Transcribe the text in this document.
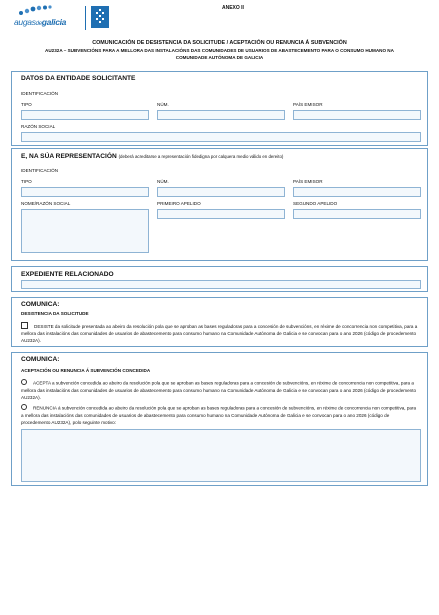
augasdegalicia
ANEXO II
COMUNICACIÓN DE DESISTENCIA DA SOLICITUDE / ACEPTACIÓN OU RENUNCIA Á SUBVENCIÓN
AU232A – SUBVENCIÓNS PARA A MELLORA DAS INSTALACIÓNS DAS COMUNIDADES DE USUARIOS DE ABASTECEMENTO PARA O CONSUMO HUMANO NA
COMUNIDADE AUTÓNOMA DE GALICIA
DATOS DA ENTIDADE SOLICITANTE
IDENTIFICACIÓN
TIPO	NÚM.	PAÍS EMISOR
RAZÓN SOCIAL
E, NA SÚA REPRESENTACIÓN (deberá acreditarse a representación fidedigna por calquera medio válido en dereito)
IDENTIFICACIÓN
TIPO	NÚM.	PAÍS EMISOR
NOME/RAZÓN SOCIAL	PRIMEIRO APELIDO	SEGUNDO APELIDO
EXPEDIENTE RELACIONADO
COMUNICA:
DESISTENCIA DA SOLICITUDE
DESISTE da solicitude presentada ao abeiro da resolución pola que se aproban as bases reguladoras para a concesión de subvencións, en réxime de concorrencia non competitiva, para a mellora das instalacións das comunidades de usuarios de abastecemento para consumo humano na Comunidade Autónoma de Galicia e se convocan para o ano 2026 (código de procedemento AU232A).
COMUNICA:
ACEPTACIÓN OU RENUNCIA Á SUBVENCIÓN CONCEDIDA
ACEPTA a subvención concedida ao abeiro da resolución pola que se aproban as bases reguladoras para a concesión de subvencións, en réxime de concorrencia non competitiva, para a mellora das instalacións das comunidades de usuarios de abastecemento para consumo humano na Comunidade Autónoma de Galicia e se convocan para o ano 2026 (código de procedemento AU232A).
RENUNCIA á subvención concedida ao abeiro da resolución pola que se aproban as bases reguladoras para a concesión de subvencións, en réxime de concorrencia non competitiva, para a mellora das instalacións das comunidades de usuarios de abastecemento para consumo humano na Comunidade Autónoma de Galicia e se convocan para o ano 2026 (código de procedemento AU232A), polo seguinte motivo:
